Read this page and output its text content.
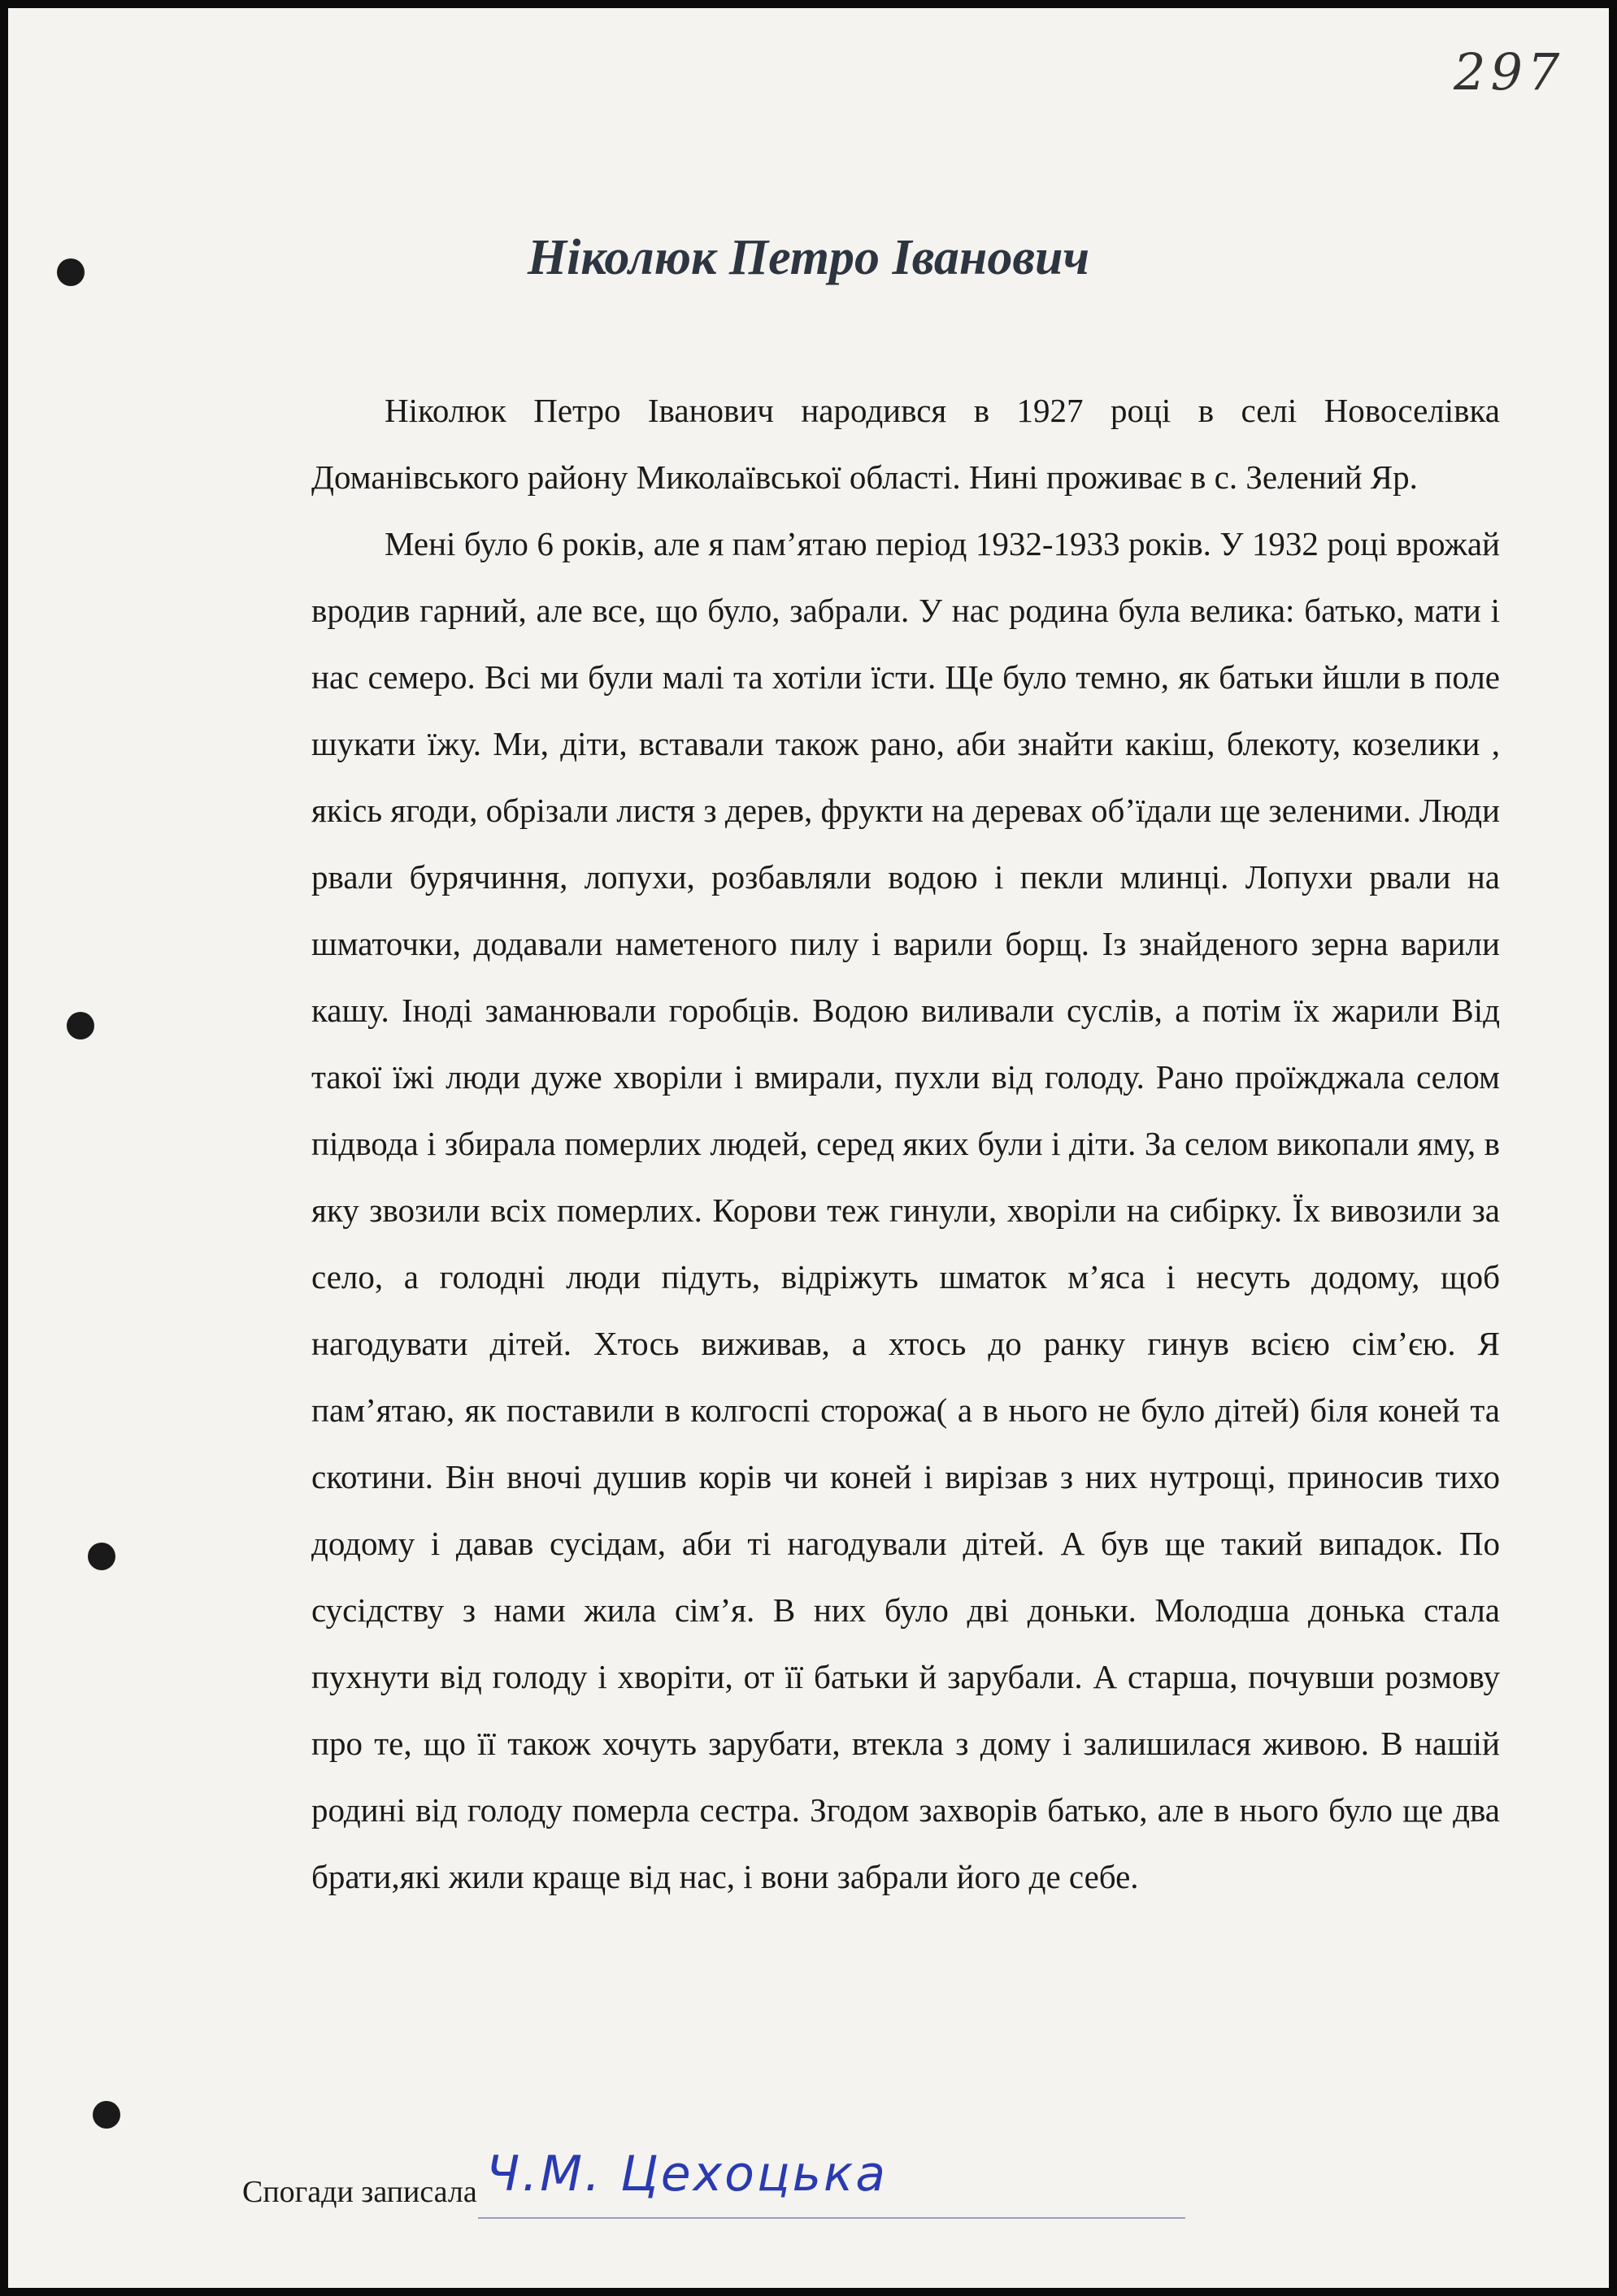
297
Ніколюк Петро Іванович

Ніколюк Петро Іванович народився в 1927 році в селі Новоселівка Доманівського району Миколаївської області. Нині проживає в с. Зелений Яр.

Мені було 6 років, але я пам’ятаю період 1932-1933 років. У 1932 році врожай вродив гарний, але все, що було, забрали. У нас родина була велика: батько, мати і нас семеро. Всі ми були малі та хотіли їсти. Ще було темно, як батьки йшли в поле шукати їжу. Ми, діти, вставали також рано, аби знайти какіш, блекоту, козелики , якісь ягоди, обрізали листя з дерев, фрукти на деревах об’їдали ще зеленими. Люди рвали бурячиння, лопухи, розбавляли водою і пекли млинці. Лопухи рвали на шматочки, додавали наметеного пилу і варили борщ. Із знайденого зерна варили кашу. Іноді заманювали горобців. Водою виливали суслів, а потім їх жарили Від такої їжі люди дуже хворіли і вмирали, пухли від голоду. Рано проїжджала селом підвода і збирала померлих людей, серед яких були і діти. За селом викопали яму, в яку звозили всіх померлих. Корови теж гинули, хворіли на сибірку. Їх вивозили за село, а голодні люди підуть, відріжуть шматок м’яса і несуть додому, щоб нагодувати дітей. Хтось виживав, а хтось до ранку гинув всією сім’єю. Я пам’ятаю, як поставили в колгоспі сторожа( а в нього не було дітей) біля коней та скотини. Він вночі душив корів чи коней і вирізав з них нутрощі, приносив тихо додому і давав сусідам, аби ті нагодували дітей. А був ще такий випадок. По сусідству з нами жила сім’я. В них було дві доньки. Молодша донька стала пухнути від голоду і хворіти, от її батьки й зарубали. А старша, почувши розмову про те, що її також хочуть зарубати, втекла з дому і залишилася живою. В нашій родині від голоду померла сестра. Згодом захворів батько, але в нього було ще два брати,які жили краще від нас, і вони забрали його де себе.

Спогади записала Ч.М. Цехоцька
